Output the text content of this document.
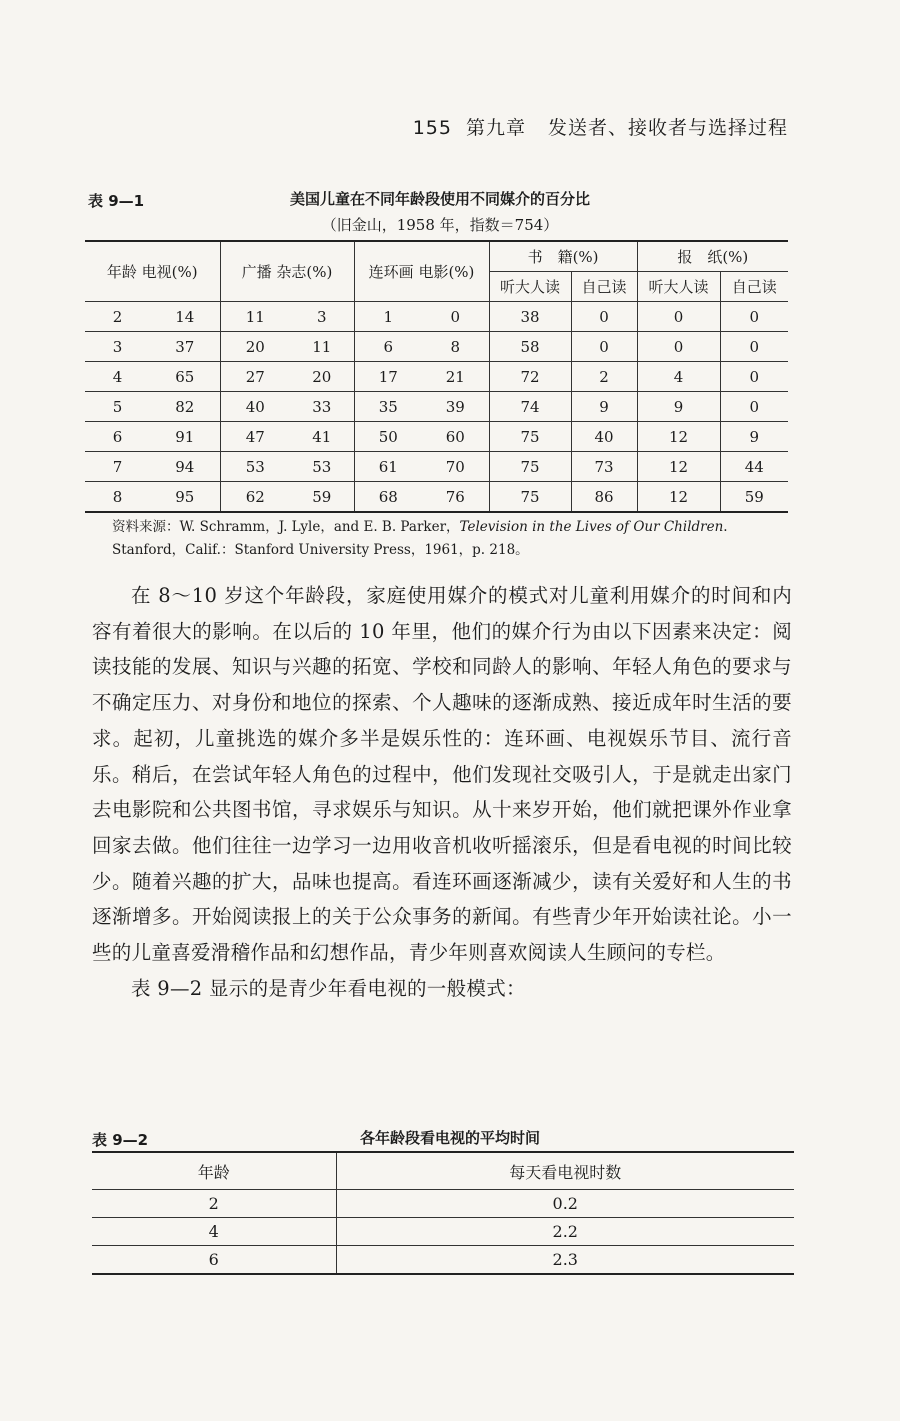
155 第九章 发送者、接收者与选择过程
表 9—1	美国儿童在不同年龄段使用不同媒介的百分比
（旧金山，1958 年，指数＝754）
年龄 电视(%)		广播 杂志(%)		连环画 电影(%)		书　籍(%)		报　纸(%)	
						听大人读	自己读	听大人读	自己读
2	14	11	3	1	0	38	0	0	0
3	37	20	11	6	8	58	0	0	0
4	65	27	20	17	21	72	2	4	0
5	82	40	33	35	39	74	9	9	0
6	91	47	41	50	60	75	40	12	9
7	94	53	53	61	70	75	73	12	44
8	95	62	59	68	76	75	86	12	59
资料来源：W. Schramm，J. Lyle，and E. B. Parker，Television in the Lives of Our Children. Stanford，Calif.：Stanford University Press，1961，p. 218。

在 8～10 岁这个年龄段，家庭使用媒介的模式对儿童利用媒介的时间和内容有着很大的影响。在以后的 10 年里，他们的媒介行为由以下因素来决定：阅读技能的发展、知识与兴趣的拓宽、学校和同龄人的影响、年轻人角色的要求与不确定压力、对身份和地位的探索、个人趣味的逐渐成熟、接近成年时生活的要求。起初，儿童挑选的媒介多半是娱乐性的：连环画、电视娱乐节目、流行音乐。稍后，在尝试年轻人角色的过程中，他们发现社交吸引人，于是就走出家门去电影院和公共图书馆，寻求娱乐与知识。从十来岁开始，他们就把课外作业拿回家去做。他们往往一边学习一边用收音机收听摇滚乐，但是看电视的时间比较少。随着兴趣的扩大，品味也提高。看连环画逐渐减少，读有关爱好和人生的书逐渐增多。开始阅读报上的关于公众事务的新闻。有些青少年开始读社论。小一些的儿童喜爱滑稽作品和幻想作品，青少年则喜欢阅读人生顾问的专栏。

表 9—2 显示的是青少年看电视的一般模式：

表 9—2	各年龄段看电视的平均时间
年龄	每天看电视时数
2	0.2
4	2.2
6	2.3
